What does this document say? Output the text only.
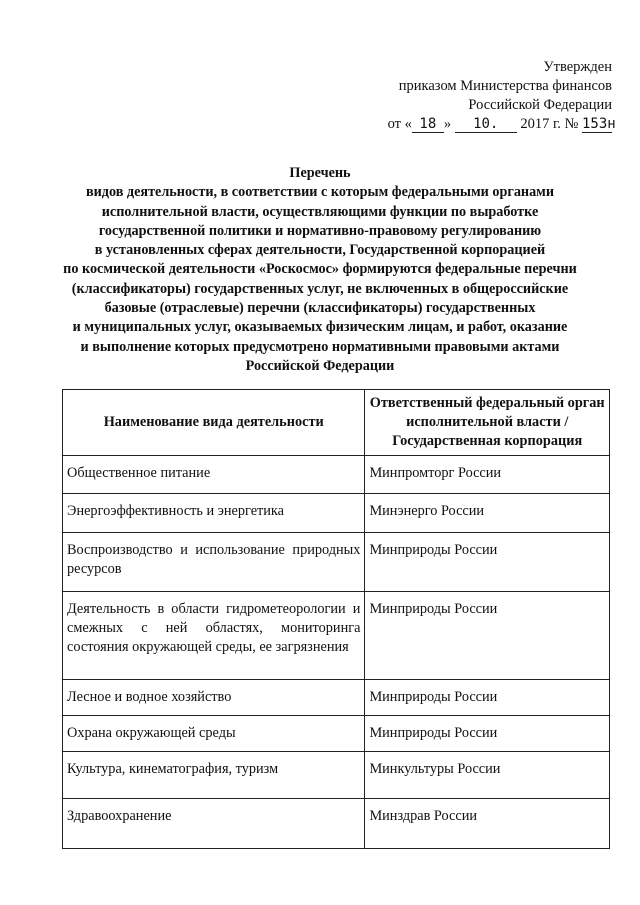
Утвержден
приказом Министерства финансов
Российской Федерации
от « 18 » 10. 2017 г. № 153н
Перечень
видов деятельности, в соответствии с которым федеральными органами
исполнительной власти, осуществляющими функции по выработке
государственной политики и нормативно-правовому регулированию
в установленных сферах деятельности, Государственной корпорацией
по космической деятельности «Роскосмос» формируются федеральные перечни
(классификаторы) государственных услуг, не включенных в общероссийские
базовые (отраслевые) перечни (классификаторы) государственных
и муниципальных услуг, оказываемых физическим лицам, и работ, оказание
и выполнение которых предусмотрено нормативными правовыми актами
Российской Федерации
Наименование вида деятельности	Ответственный федеральный орган исполнительной власти / Государственная корпорация
Общественное питание	Минпромторг России
Энергоэффективность и энергетика	Минэнерго России
Воспроизводство и использование природных ресурсов	Минприроды России
Деятельность в области гидрометеорологии и смежных с ней областях, мониторинга состояния окружающей среды, ее загрязнения	Минприроды России
Лесное и водное хозяйство	Минприроды России
Охрана окружающей среды	Минприроды России
Культура, кинематография, туризм	Минкультуры России
Здравоохранение	Минздрав России
